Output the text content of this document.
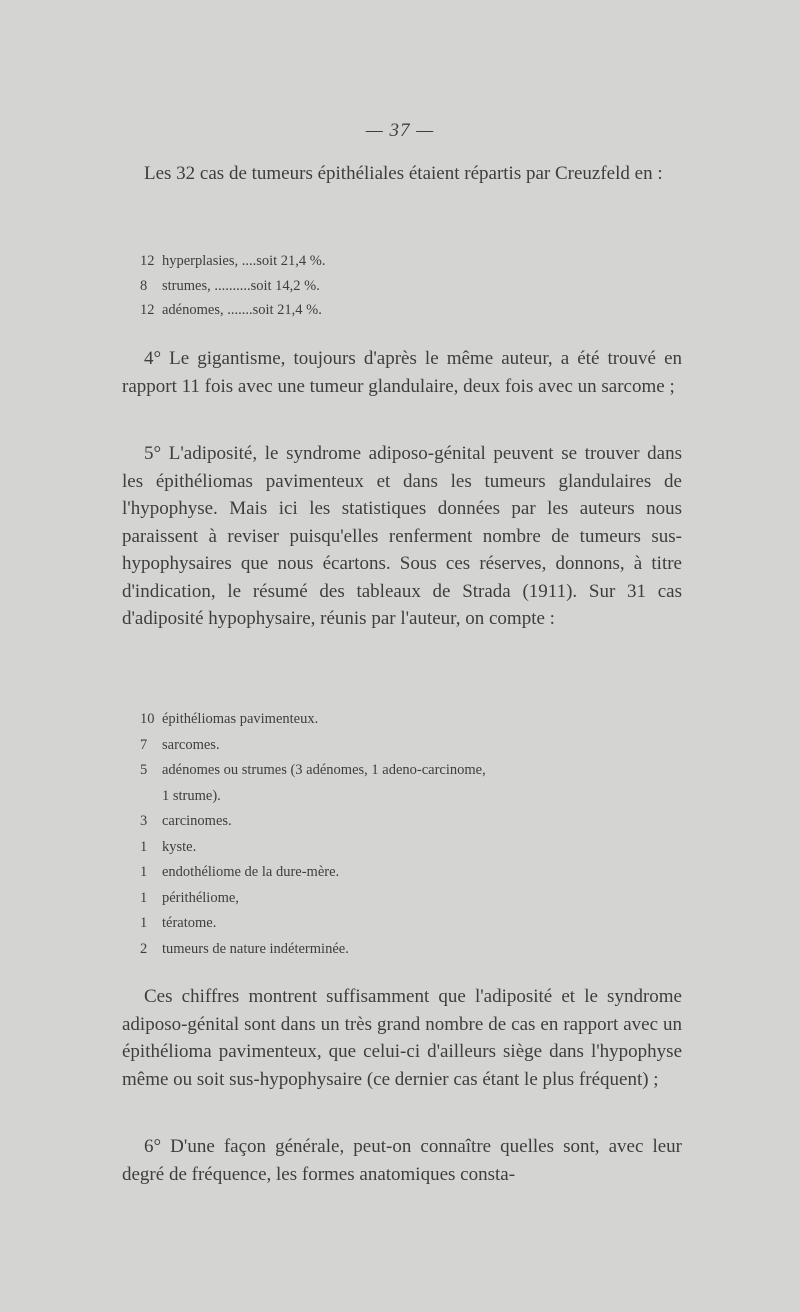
— 37 —

Les 32 cas de tumeurs épithéliales étaient répartis par Creuzfeld en :

12 hyperplasies, ....soit 21,4 %.
8 strumes, ..........soit 14,2 %.
12 adénomes, .......soit 21,4 %.

4° Le gigantisme, toujours d'après le même auteur, a été trouvé en rapport 11 fois avec une tumeur glandulaire, deux fois avec un sarcome ;

5° L'adiposité, le syndrome adiposo-génital peuvent se trouver dans les épithéliomas pavimenteux et dans les tumeurs glandulaires de l'hypophyse. Mais ici les statistiques données par les auteurs nous paraissent à reviser puisqu'elles renferment nombre de tumeurs sus-hypophysaires que nous écartons. Sous ces réserves, donnons, à titre d'indication, le résumé des tableaux de Strada (1911). Sur 31 cas d'adiposité hypophysaire, réunis par l'auteur, on compte :

10 épithéliomas pavimenteux.
7 sarcomes.
5 adénomes ou strumes (3 adénomes, 1 adeno-carcinome,
1 strume).
3 carcinomes.
1 kyste.
1 endothéliome de la dure-mère.
1 périthéliome,
1 tératome.
2 tumeurs de nature indéterminée.

Ces chiffres montrent suffisamment que l'adiposité et le syndrome adiposo-génital sont dans un très grand nombre de cas en rapport avec un épithélioma pavimenteux, que celui-ci d'ailleurs siège dans l'hypophyse même ou soit sus-hypophysaire (ce dernier cas étant le plus fréquent) ;

6° D'une façon générale, peut-on connaître quelles sont, avec leur degré de fréquence, les formes anatomiques consta-
